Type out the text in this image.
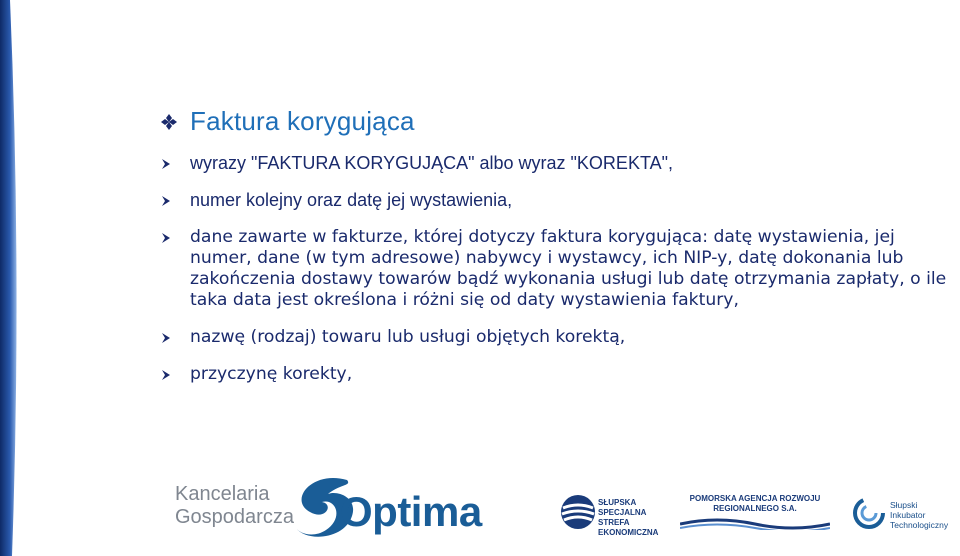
Faktura korygująca
wyrazy "FAKTURA KORYGUJĄCA" albo wyraz "KOREKTA",
numer kolejny oraz datę jej wystawienia,
dane zawarte w fakturze, której dotyczy faktura korygująca: datę wystawienia, jej numer, dane (w tym adresowe) nabywcy i wystawcy, ich NIP-y, datę dokonania lub zakończenia dostawy towarów bądź wykonania usługi lub datę otrzymania zapłaty, o ile taka data jest określona i różni się od daty wystawienia faktury,
nazwę (rodzaj) towaru lub usługi objętych korektą,
przyczynę korekty,
Kancelaria
Gospodarcza Optima	SŁUPSKA
SPECJALNA
STREFA
EKONOMICZNA
POMORSKA AGENCJA ROZWOJU
REGIONALNEGO S.A.	Słupski
Inkubator
Technologiczny
